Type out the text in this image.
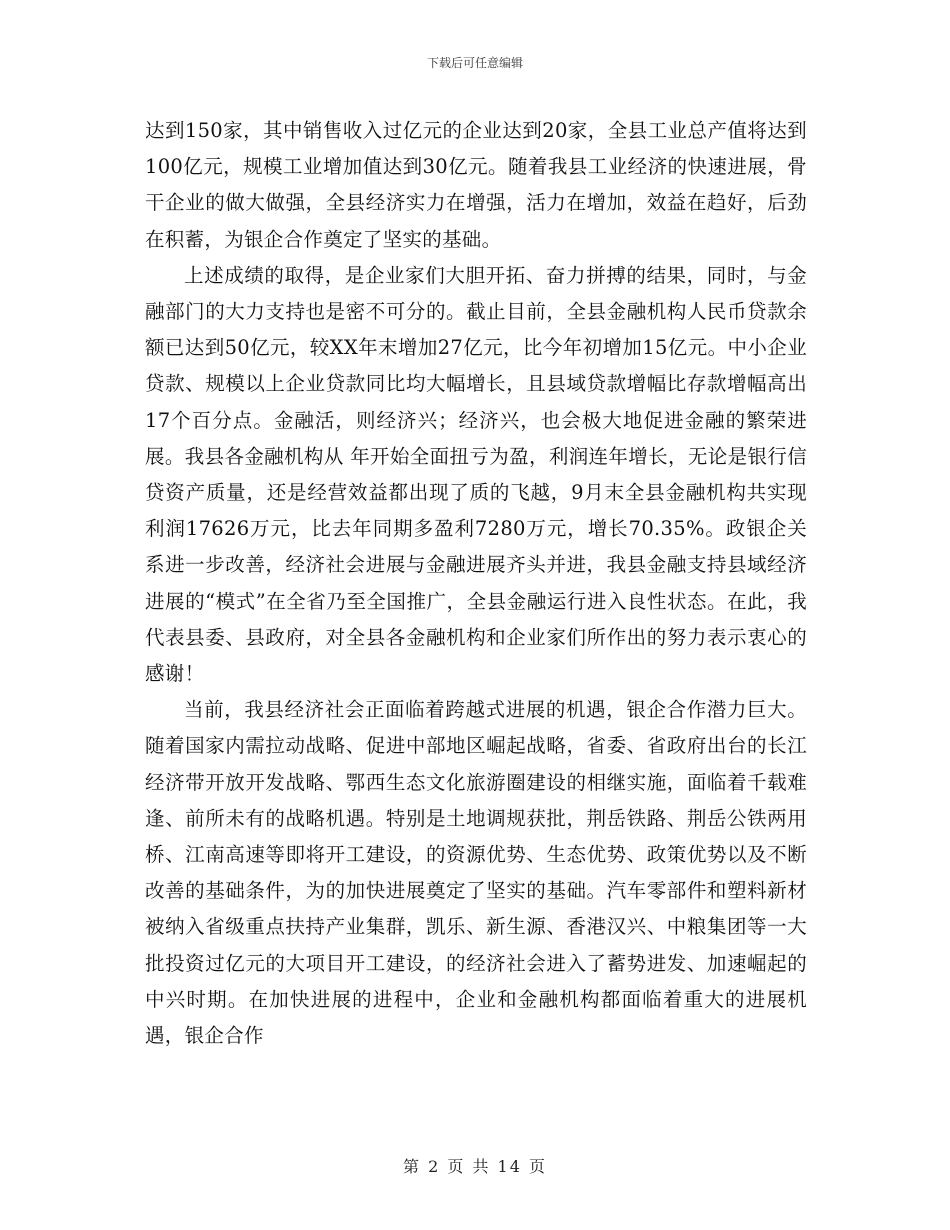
下载后可任意编辑

达到150家，其中销售收入过亿元的企业达到20家，全县工业总产值将达到100亿元，规模工业增加值达到30亿元。随着我县工业经济的快速进展，骨干企业的做大做强，全县经济实力在增强，活力在增加，效益在趋好，后劲在积蓄，为银企合作奠定了坚实的基础。

上述成绩的取得，是企业家们大胆开拓、奋力拼搏的结果，同时，与金融部门的大力支持也是密不可分的。截止目前，全县金融机构人民币贷款余额已达到50亿元，较XX年末增加27亿元，比今年初增加15亿元。中小企业贷款、规模以上企业贷款同比均大幅增长，且县域贷款增幅比存款增幅高出17个百分点。金融活，则经济兴；经济兴，也会极大地促进金融的繁荣进展。我县各金融机构从 年开始全面扭亏为盈，利润连年增长，无论是银行信贷资产质量，还是经营效益都出现了质的飞越，9月末全县金融机构共实现利润17626万元，比去年同期多盈利7280万元，增长70.35%。政银企关系进一步改善，经济社会进展与金融进展齐头并进，我县金融支持县域经济进展的“模式”在全省乃至全国推广，全县金融运行进入良性状态。在此，我代表县委、县政府，对全县各金融机构和企业家们所作出的努力表示衷心的感谢！

当前，我县经济社会正面临着跨越式进展的机遇，银企合作潜力巨大。随着国家内需拉动战略、促进中部地区崛起战略，省委、省政府出台的长江经济带开放开发战略、鄂西生态文化旅游圈建设的相继实施，面临着千载难逢、前所未有的战略机遇。特别是土地调规获批，荆岳铁路、荆岳公铁两用桥、江南高速等即将开工建设，的资源优势、生态优势、政策优势以及不断改善的基础条件，为的加快进展奠定了坚实的基础。汽车零部件和塑料新材被纳入省级重点扶持产业集群，凯乐、新生源、香港汉兴、中粮集团等一大批投资过亿元的大项目开工建设，的经济社会进入了蓄势进发、加速崛起的中兴时期。在加快进展的进程中，企业和金融机构都面临着重大的进展机遇，银企合作

第 2 页 共 14 页
